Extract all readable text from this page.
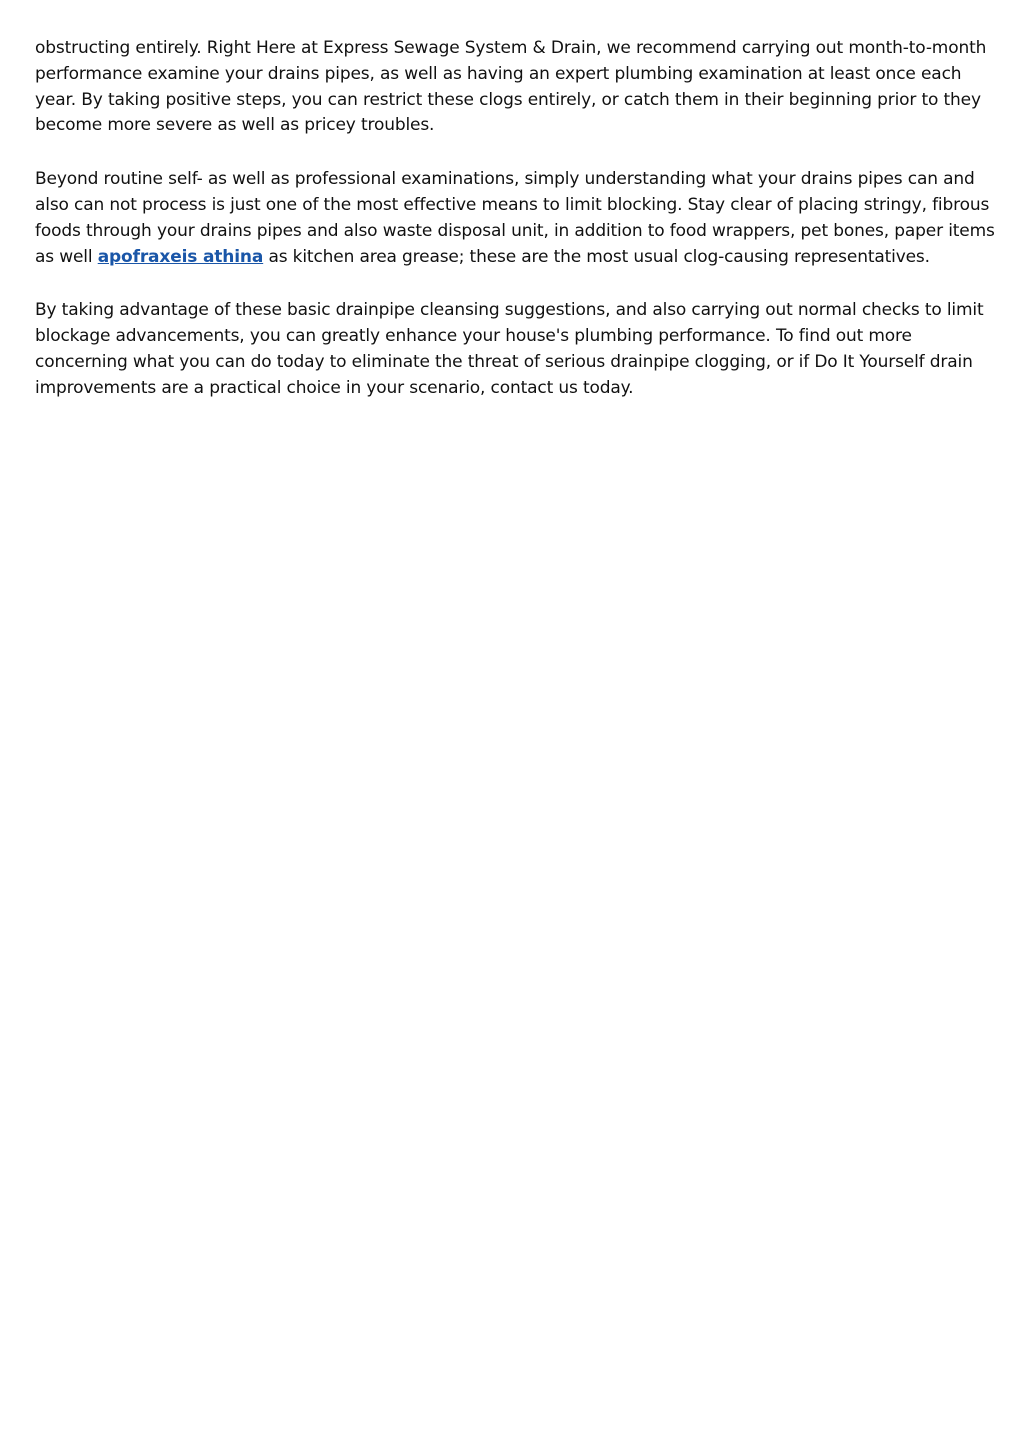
obstructing entirely. Right Here at Express Sewage System & Drain, we recommend carrying out month-to-month performance examine your drains pipes, as well as having an expert plumbing examination at least once each year. By taking positive steps, you can restrict these clogs entirely, or catch them in their beginning prior to they become more severe as well as pricey troubles.

Beyond routine self- as well as professional examinations, simply understanding what your drains pipes can and also can not process is just one of the most effective means to limit blocking. Stay clear of placing stringy, fibrous foods through your drains pipes and also waste disposal unit, in addition to food wrappers, pet bones, paper items as well apofraxeis athina as kitchen area grease; these are the most usual clog-causing representatives.

By taking advantage of these basic drainpipe cleansing suggestions, and also carrying out normal checks to limit blockage advancements, you can greatly enhance your house's plumbing performance. To find out more concerning what you can do today to eliminate the threat of serious drainpipe clogging, or if Do It Yourself drain improvements are a practical choice in your scenario, contact us today.
